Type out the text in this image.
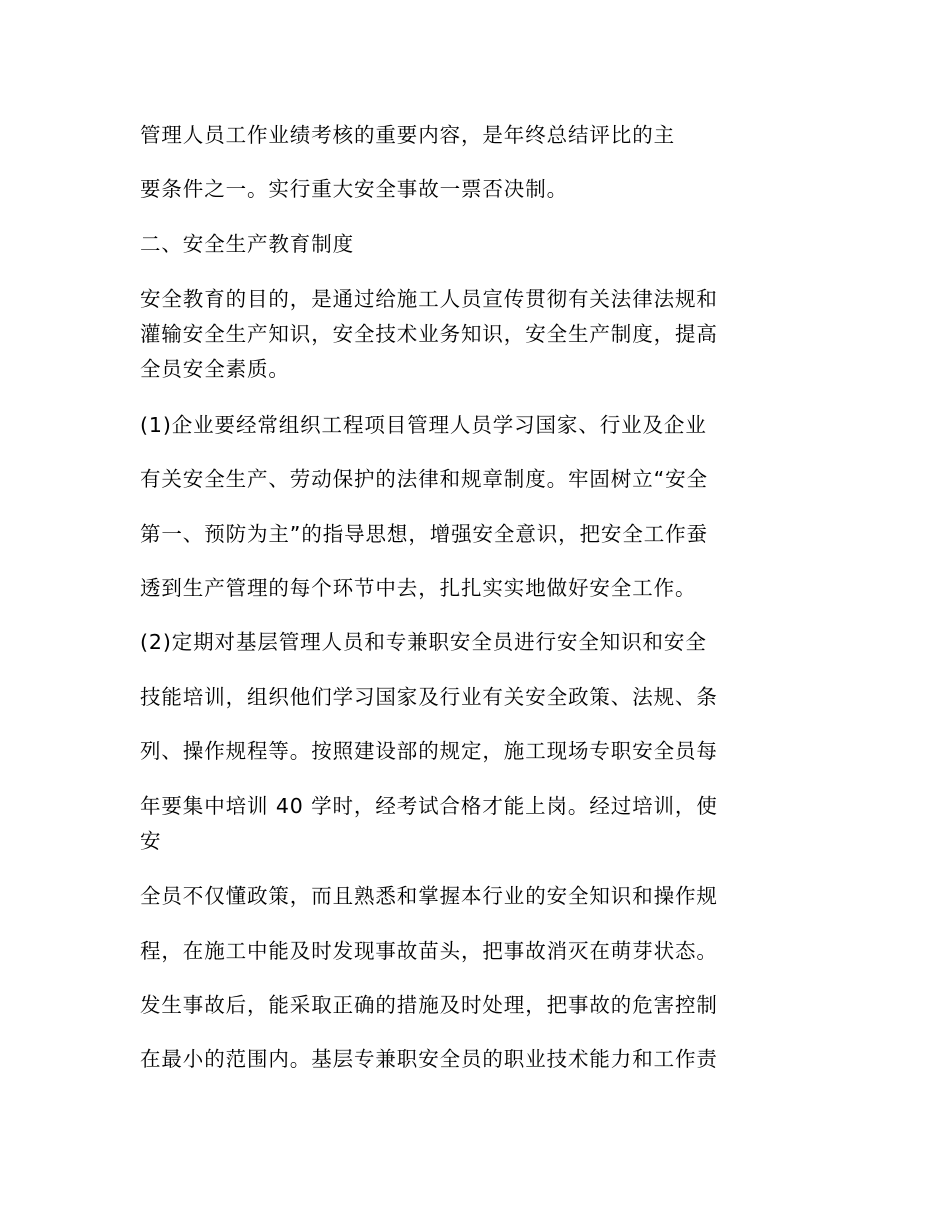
管理人员工作业绩考核的重要内容，是年终总结评比的主

要条件之一。实行重大安全事故一票否决制。

二、安全生产教育制度

安全教育的目的，是通过给施工人员宣传贯彻有关法律法规和

灌输安全生产知识，安全技术业务知识，安全生产制度，提高

全员安全素质。

(1)企业要经常组织工程项目管理人员学习国家、行业及企业

有关安全生产、劳动保护的法律和规章制度。牢固树立“安全

第一、预防为主”的指导思想，增强安全意识，把安全工作蚕

透到生产管理的每个环节中去，扎扎实实地做好安全工作。

(2)定期对基层管理人员和专兼职安全员进行安全知识和安全

技能培训，组织他们学习国家及行业有关安全政策、法规、条

列、操作规程等。按照建设部的规定，施工现场专职安全员每

年要集中培训 40 学时，经考试合格才能上岗。经过培训，使

安

全员不仅懂政策，而且熟悉和掌握本行业的安全知识和操作规

程，在施工中能及时发现事故苗头，把事故消灭在萌芽状态。

发生事故后，能采取正确的措施及时处理，把事故的危害控制

在最小的范围内。基层专兼职安全员的职业技术能力和工作责
